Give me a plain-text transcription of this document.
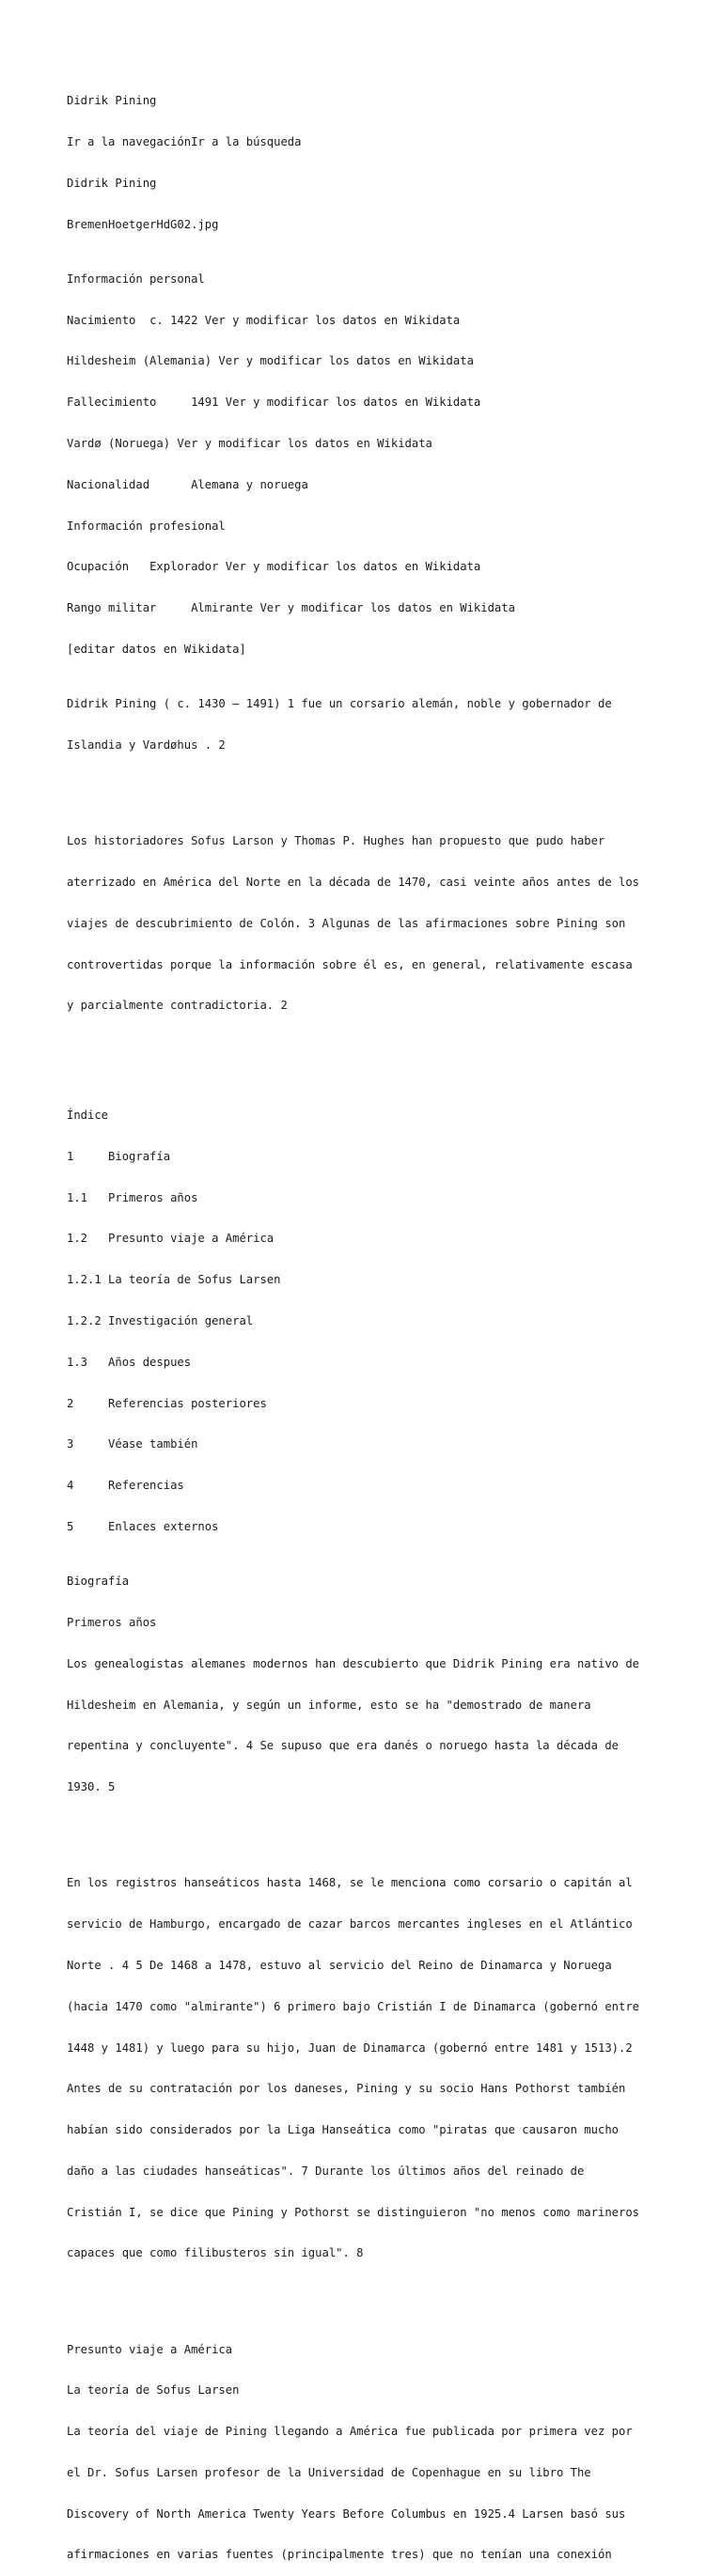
Didrik Pining

Ir a la navegaciónIr a la búsqueda

Didrik Pining

BremenHoetgerHdG02.jpg

Información personal

Nacimiento c. 1422 Ver y modificar los datos en Wikidata

Hildesheim (Alemania) Ver y modificar los datos en Wikidata

Fallecimiento	1491 Ver y modificar los datos en Wikidata

Vardø (Noruega) Ver y modificar los datos en Wikidata

Nacionalidad	Alemana y noruega

Información profesional

Ocupación Explorador Ver y modificar los datos en Wikidata

Rango militar	Almirante Ver y modificar los datos en Wikidata

[editar datos en Wikidata]

Didrik Pining ( c. 1430 – 1491) 1 fue un corsario alemán, noble y gobernador de

Islandia y Vardøhus . 2

Los historiadores Sofus Larson y Thomas P. Hughes han propuesto que pudo haber

aterrizado en América del Norte en la década de 1470, casi veinte años antes de los

viajes de descubrimiento de Colón. 3 Algunas de las afirmaciones sobre Pining son

controvertidas porque la información sobre él es, en general, relativamente escasa

y parcialmente contradictoria. 2

Índice

1	Biografía

1.1 Primeros años

1.2 Presunto viaje a América

1.2.1 La teoría de Sofus Larsen

1.2.2 Investigación general

1.3 Años despues

2	Referencias posteriores

3	Véase también

4	Referencias

5	Enlaces externos

Biografía

Primeros años

Los genealogistas alemanes modernos han descubierto que Didrik Pining era nativo de

Hildesheim en Alemania, y según un informe, esto se ha "demostrado de manera

repentina y concluyente". 4 Se supuso que era danés o noruego hasta la década de

1930. 5

En los registros hanseáticos hasta 1468, se le menciona como corsario o capitán al

servicio de Hamburgo, encargado de cazar barcos mercantes ingleses en el Atlántico

Norte . 4 5 De 1468 a 1478, estuvo al servicio del Reino de Dinamarca y Noruega

(hacia 1470 como "almirante") 6 primero bajo Cristián I de Dinamarca (gobernó entre

1448 y 1481) y luego para su hijo, Juan de Dinamarca (gobernó entre 1481 y 1513).2

Antes de su contratación por los daneses, Pining y su socio Hans Pothorst también

habían sido considerados por la Liga Hanseática como "piratas que causaron mucho

daño a las ciudades hanseáticas". 7 Durante los últimos años del reinado de

Cristián I, se dice que Pining y Pothorst se distinguieron "no menos como marineros

capaces que como filibusteros sin igual". 8

Presunto viaje a América

La teoría de Sofus Larsen

La teoría del viaje de Pining llegando a América fue publicada por primera vez por

el Dr. Sofus Larsen profesor de la Universidad de Copenhague en su libro The

Discovery of North America Twenty Years Before Columbus en 1925.4 Larsen basó sus

afirmaciones en varias fuentes (principalmente tres) que no tenían una conexión
